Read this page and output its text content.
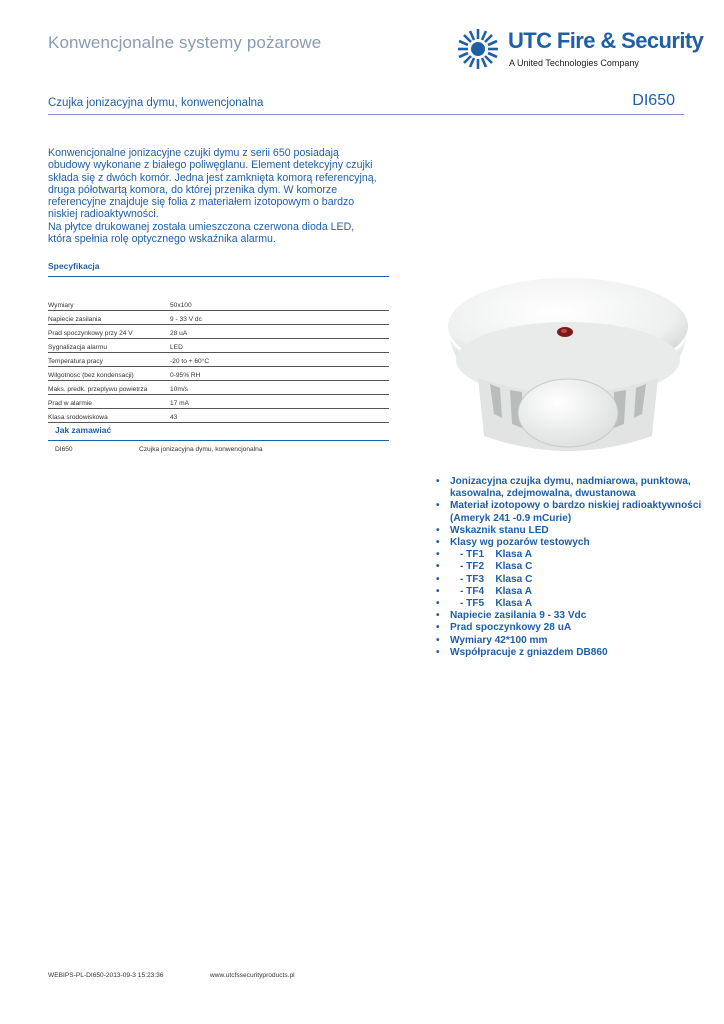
Konwencjonalne systemy pożarowe	UTC Fire & Security
A United Technologies Company
Czujka jonizacyjna dymu, konwencjonalna	DI650

Konwencjonalne jonizacyjne czujki dymu z serii 650 posiadają obudowy wykonane z białego poliwęglanu. Element detekcyjny czujki składa się z dwóch komór. Jedna jest zamknięta komorą referencyjną, druga półotwartą komora, do której przenika dym. W komorze referencyjne znajduje się folia z materiałem izotopowym o bardzo niskiej radioaktywności.

Na płytce drukowanej została umieszczona czerwona dioda LED, która spełnia rolę optycznego wskaźnika alarmu.

Specyfikacja
Wymiary	50x100
Napiecie zasilania	9 - 33 V dc
Prad spoczynkowy przy 24 V	28 uA
Sygnalizacja alarmu	LED
Temperatura pracy	-20 to + 60°C
Wilgotnosc (bez kondensacji)	0-95% RH
Maks. predk. przeplywu powietrza	10m/s
Prad w alarmie	17 mA
Klasa srodowiskowa	43
Jak zamawiać
DI650	Czujka jonizacyjna dymu, konwencjonalna
• Jonizacyjna czujka dymu, nadmiarowa, punktowa,
kasowalna, zdejmowalna, dwustanowa
• Materiał izotopowy o bardzo niskiej radioaktywności
(Ameryk 241 -0.9 mCurie)
• Wskaznik stanu LED
• Klasy wg pozarów testowych
• - TF1    Klasa A
• - TF2    Klasa C
• - TF3    Klasa C
• - TF4    Klasa A
• - TF5    Klasa A
• Napiecie zasilania 9 - 33 Vdc
• Prad spoczynkowy 28 uA
• Wymiary 42*100 mm
• Współpracuje z gniazdem DB860
WEBIPS-PL-DI650-2013-09-3 15:23:36	www.utcfssecurityproducts.pl
